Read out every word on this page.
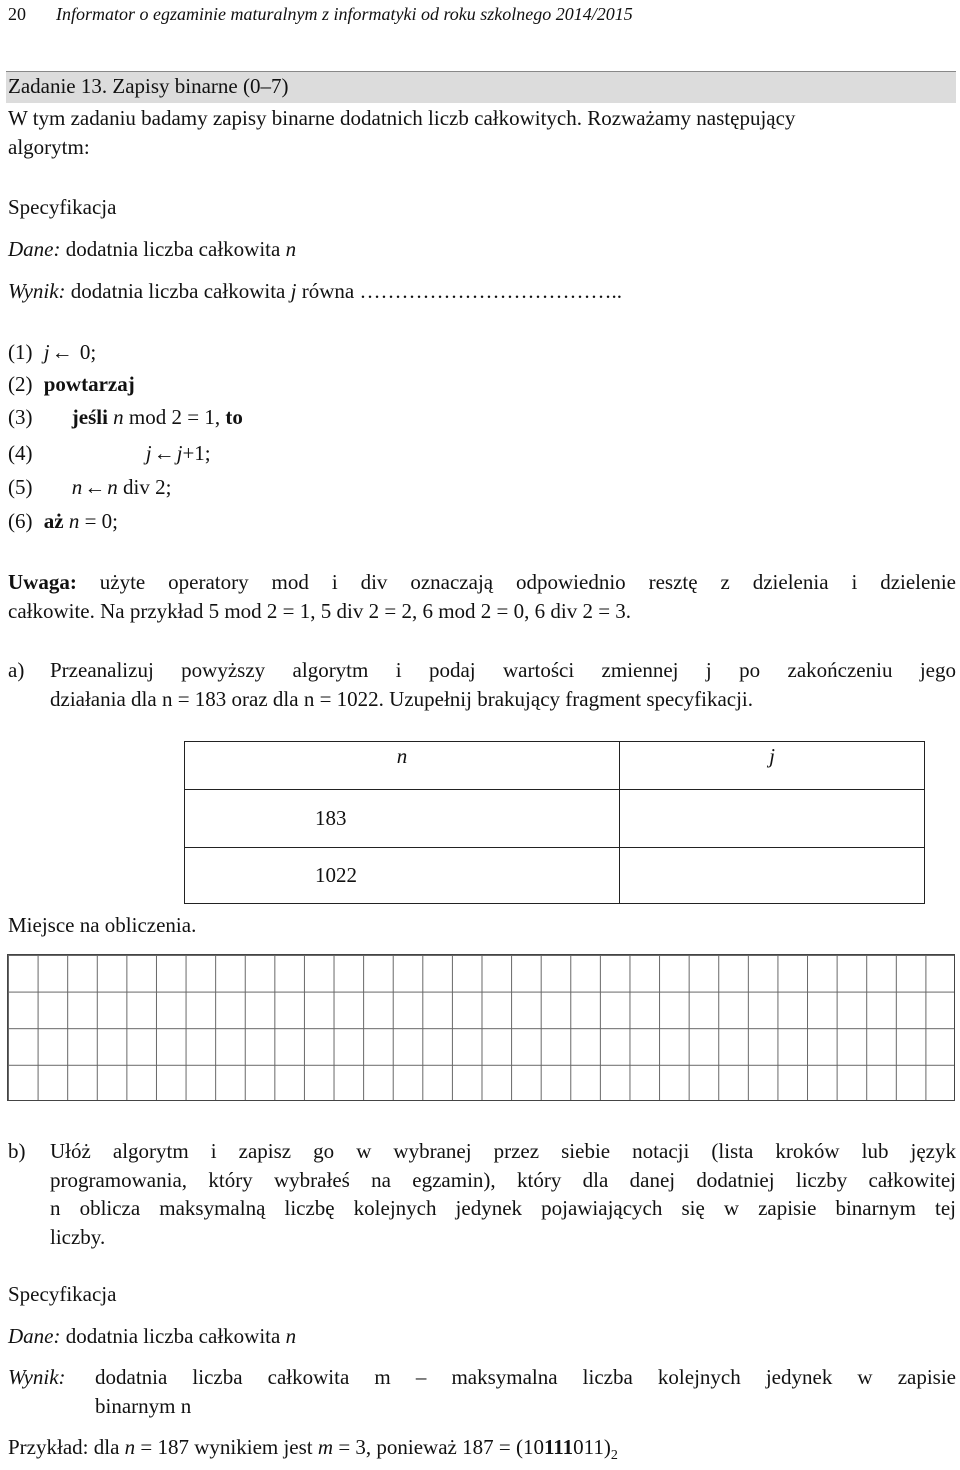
20 Informator o egzaminie maturalnym z informatyki od roku szkolnego 2014/2015
Zadanie 13. Zapisy binarne (0–7)
W tym zadaniu badamy zapisy binarne dodatnich liczb całkowitych. Rozważamy następujący
algorytm:
Specyfikacja
Dane: dodatnia liczba całkowita n
Wynik: dodatnia liczba całkowita j równa ………………………………..
(1) j← 0;
(2) powtarzaj
(3) jeśli n mod 2 = 1, to
(4)	j←j+1;
(5) n←n div 2;
(6) aż n = 0;
Uwaga: użyte operatory mod i div oznaczają odpowiednio resztę z dzielenia i dzielenie
całkowite. Na przykład 5 mod 2 = 1, 5 div 2 = 2, 6 mod 2 = 0, 6 div 2 = 3.
a) Przeanalizuj powyższy algorytm i podaj wartości zmiennej j po zakończeniu jego
działania dla n = 183 oraz dla n = 1022. Uzupełnij brakujący fragment specyfikacji.
n	j
183	
1022	
Miejsce na obliczenia.
b) Ułóż algorytm i zapisz go w wybranej przez siebie notacji (lista kroków lub język
programowania, który wybrałeś na egzamin), który dla danej dodatniej liczby całkowitej
n oblicza maksymalną liczbę kolejnych jedynek pojawiających się w zapisie binarnym tej
liczby.
Specyfikacja
Dane: dodatnia liczba całkowita n
Wynik: dodatnia liczba całkowita m – maksymalna liczba kolejnych jedynek w zapisie
binarnym n
Przykład: dla n = 187 wynikiem jest m = 3, ponieważ $187 = (10111011)_2$
